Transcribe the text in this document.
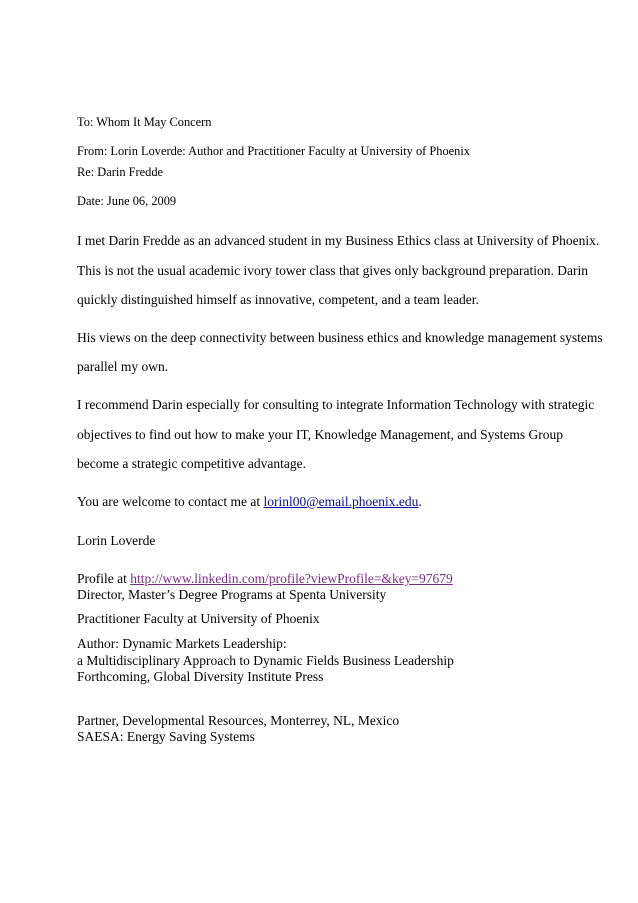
To: Whom It May Concern

From: Lorin Loverde: Author and Practitioner Faculty at University of Phoenix

Re: Darin Fredde

Date: June 06, 2009

I met Darin Fredde as an advanced student in my Business Ethics class at University of Phoenix.

This is not the usual academic ivory tower class that gives only background preparation. Darin

quickly distinguished himself as innovative, competent, and a team leader.

His views on the deep connectivity between business ethics and knowledge management systems

parallel my own.

I recommend Darin especially for consulting to integrate Information Technology with strategic

objectives to find out how to make your IT, Knowledge Management, and Systems Group

become a strategic competitive advantage.

You are welcome to contact me at lorinl00@email.phoenix.edu.

Lorin Loverde

Profile at http://www.linkedin.com/profile?viewProfile=&key=97679

Director, Master’s Degree Programs at Spenta University

Practitioner Faculty at University of Phoenix

Author: Dynamic Markets Leadership:

a Multidisciplinary Approach to Dynamic Fields Business Leadership

Forthcoming, Global Diversity Institute Press

Partner, Developmental Resources, Monterrey, NL, Mexico

SAESA: Energy Saving Systems
